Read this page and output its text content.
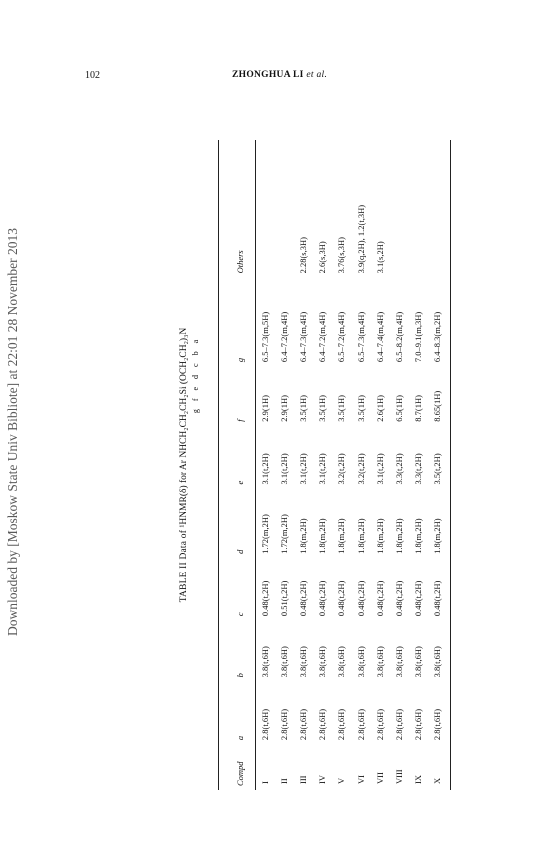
Downloaded by [Moskow State Univ Bibliote] at 22:01 28 November 2013
102	ZHONGHUA LI et al.
TABLE II Data of ¹HNMR(δ) for Ar NHCH₂CH₂CH₂Si (OCH₂CH₂)₃N g f e d c b a
Compd	a	b	c	d	e	f	g	Others
I	2.8(t,6H)	3.8(t,6H)	0.48(t,2H)	1.72(m,2H)	3.1(t,2H)	2.9(1H)	6.5–7.3(m,5H)	
II	2.8(t,6H)	3.8(t,6H)	0.51(t,2H)	1.72(m,2H)	3.1(t,2H)	2.9(1H)	6.4–7.2(m,4H)	
III	2.8(t,6H)	3.8(t,6H)	0.48(t,2H)	1.8(m,2H)	3.1(t,2H)	3.5(1H)	6.4–7.3(m,4H)	2.28(s,3H)
IV	2.8(t,6H)	3.8(t,6H)	0.48(t,2H)	1.8(m,2H)	3.1(t,2H)	3.5(1H)	6.4–7.2(m,4H)	2.6(s,3H)
V	2.8(t,6H)	3.8(t,6H)	0.48(t,2H)	1.8(m,2H)	3.2(t,2H)	3.5(1H)	6.5–7.2(m,4H)	3.76(s,3H)
VI	2.8(t,6H)	3.8(t,6H)	0.48(t,2H)	1.8(m,2H)	3.2(t,2H)	3.5(1H)	6.5–7.3(m,4H)	3.9(q,2H), 1.2(t,3H)
VII	2.8(t,6H)	3.8(t,6H)	0.48(t,2H)	1.8(m,2H)	3.1(t,2H)	2.6(1H)	6.4–7.4(m,4H)	3.1(s,2H)
VIII	2.8(t,6H)	3.8(t,6H)	0.48(t,2H)	1.8(m,2H)	3.3(t,2H)	6.5(1H)	6.5–8.2(m,4H)	
IX	2.8(t,6H)	3.8(t,6H)	0.48(t,2H)	1.8(m,2H)	3.3(t,2H)	8.7(1H)	7.0–9.1(m,3H)	
X	2.8(t,6H)	3.8(t,6H)	0.48(t,2H)	1.8(m,2H)	3.5(t,2H)	8.65(1H)	6.4–8.3(m,2H)	
